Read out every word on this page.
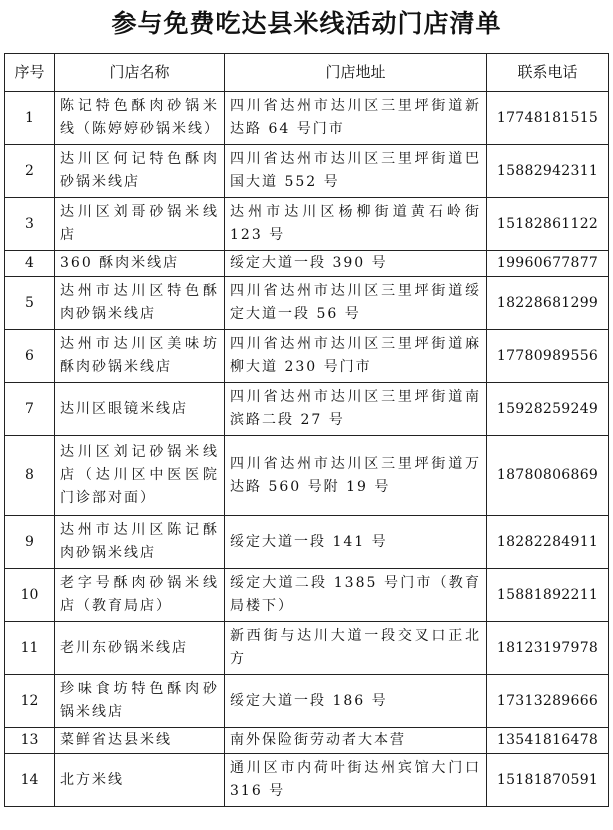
参与免费吃达县米线活动门店清单
序号	门店名称	门店地址	联系电话
1	陈记特色酥肉砂锅米线（陈婷婷砂锅米线）	四川省达州市达川区三里坪街道新达路 64 号门市	17748181515
2	达川区何记特色酥肉砂锅米线店	四川省达州市达川区三里坪街道巴国大道 552 号	15882942311
3	达川区刘哥砂锅米线店	达州市达川区杨柳街道黄石岭街 123 号	15182861122
4	360 酥肉米线店	绥定大道一段 390 号	19960677877
5	达州市达川区特色酥肉砂锅米线店	四川省达州市达川区三里坪街道绥定大道一段 56 号	18228681299
6	达州市达川区美味坊酥肉砂锅米线店	四川省达州市达川区三里坪街道麻柳大道 230 号门市	17780989556
7	达川区眼镜米线店	四川省达州市达川区三里坪街道南滨路二段 27 号	15928259249
8	达川区刘记砂锅米线店（达川区中医医院门诊部对面）	四川省达州市达川区三里坪街道万达路 560 号附 19 号	18780806869
9	达州市达川区陈记酥肉砂锅米线店	绥定大道一段 141 号	18282284911
10	老字号酥肉砂锅米线店（教育局店）	绥定大道二段 1385 号门市（教育局楼下）	15881892211
11	老川东砂锅米线店	新西街与达川大道一段交叉口正北方	18123197978
12	珍味食坊特色酥肉砂锅米线店	绥定大道一段 186 号	17313289666
13	菜鲜省达县米线	南外保险街劳动者大本营	13541816478
14	北方米线	通川区市内荷叶街达州宾馆大门口 316 号	15181870591
